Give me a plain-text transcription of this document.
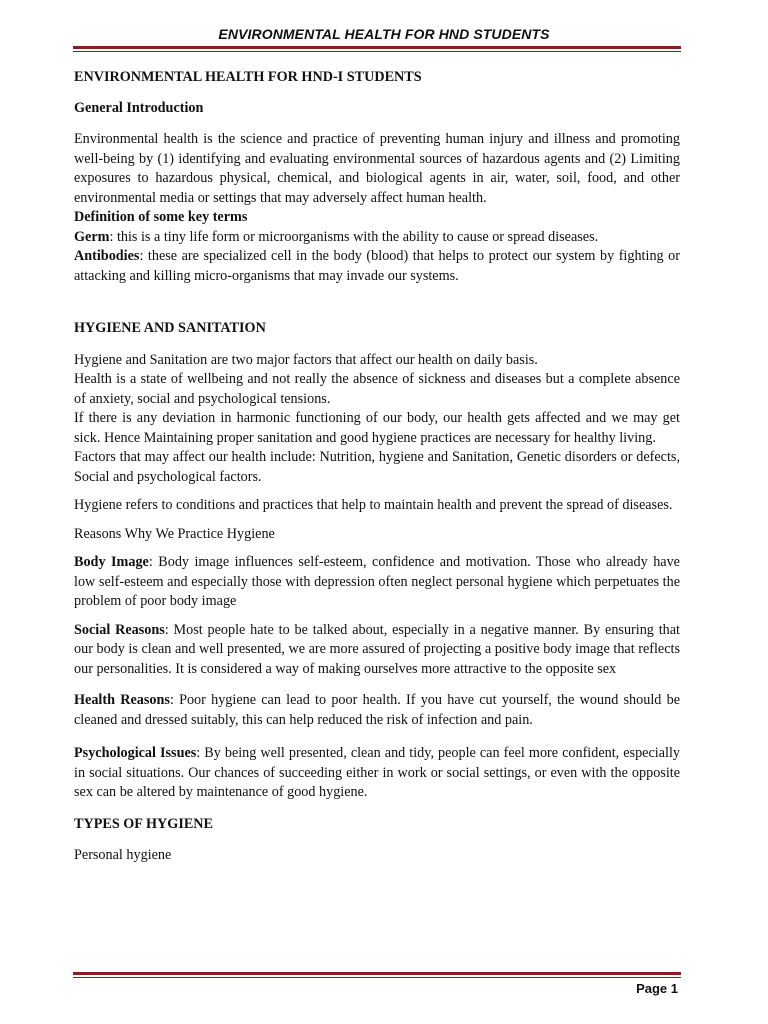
ENVIRONMENTAL HEALTH FOR HND STUDENTS

ENVIRONMENTAL HEALTH FOR HND-I STUDENTS

General Introduction

Environmental health is the science and practice of preventing human injury and illness and promoting well-being by (1) identifying and evaluating environmental sources of hazardous agents and (2) Limiting exposures to hazardous physical, chemical, and biological agents in air, water, soil, food, and other environmental media or settings that may adversely affect human health.

Definition of some key terms

Germ: this is a tiny life form or microorganisms with the ability to cause or spread diseases.

Antibodies: these are specialized cell in the body (blood) that helps to protect our system by fighting or attacking and killing micro-organisms that may invade our systems.

HYGIENE AND SANITATION

Hygiene and Sanitation are two major factors that affect our health on daily basis.

Health is a state of wellbeing and not really the absence of sickness and diseases but a complete absence of anxiety, social and psychological tensions.

If there is any deviation in harmonic functioning of our body, our health gets affected and we may get sick. Hence Maintaining proper sanitation and good hygiene practices are necessary for healthy living.

Factors that may affect our health include: Nutrition, hygiene and Sanitation, Genetic disorders or defects, Social and psychological factors.

Hygiene refers to conditions and practices that help to maintain health and prevent the spread of diseases.

Reasons Why We Practice Hygiene

Body Image: Body image influences self-esteem, confidence and motivation. Those who already have low self-esteem and especially those with depression often neglect personal hygiene which perpetuates the problem of poor body image

Social Reasons: Most people hate to be talked about, especially in a negative manner. By ensuring that our body is clean and well presented, we are more assured of projecting a positive body image that reflects our personalities. It is considered a way of making ourselves more attractive to the opposite sex

Health Reasons: Poor hygiene can lead to poor health. If you have cut yourself, the wound should be cleaned and dressed suitably, this can help reduced the risk of infection and pain.

Psychological Issues: By being well presented, clean and tidy, people can feel more confident, especially in social situations. Our chances of succeeding either in work or social settings, or even with the opposite sex can be altered by maintenance of good hygiene.

TYPES OF HYGIENE

Personal hygiene

Page 1
